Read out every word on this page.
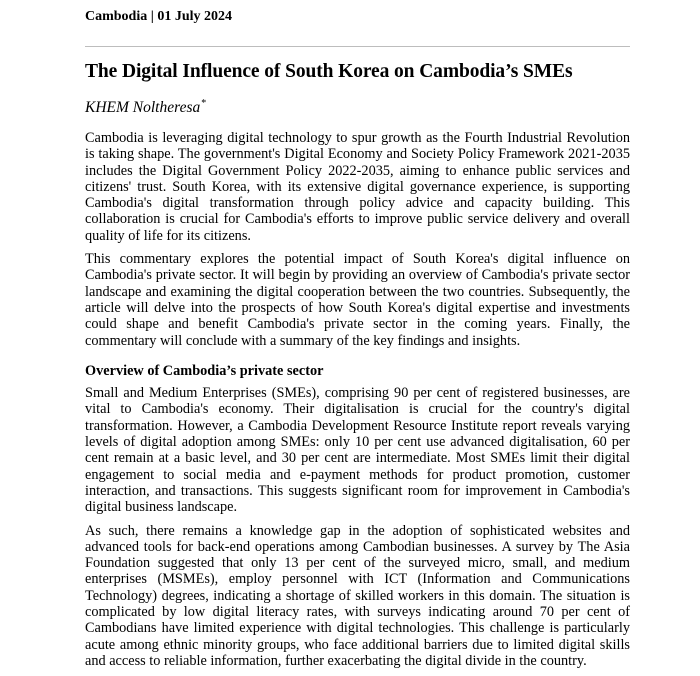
Cambodia | 01 July 2024
The Digital Influence of South Korea on Cambodia’s SMEs
KHEM Noltheresa*

Cambodia is leveraging digital technology to spur growth as the Fourth Industrial Revolution is taking shape. The government's Digital Economy and Society Policy Framework 2021-2035 includes the Digital Government Policy 2022-2035, aiming to enhance public services and citizens' trust. South Korea, with its extensive digital governance experience, is supporting Cambodia's digital transformation through policy advice and capacity building. This collaboration is crucial for Cambodia's efforts to improve public service delivery and overall quality of life for its citizens.

This commentary explores the potential impact of South Korea's digital influence on Cambodia's private sector. It will begin by providing an overview of Cambodia's private sector landscape and examining the digital cooperation between the two countries. Subsequently, the article will delve into the prospects of how South Korea's digital expertise and investments could shape and benefit Cambodia's private sector in the coming years. Finally, the commentary will conclude with a summary of the key findings and insights.

Overview of Cambodia’s private sector

Small and Medium Enterprises (SMEs), comprising 90 per cent of registered businesses, are vital to Cambodia's economy. Their digitalisation is crucial for the country's digital transformation. However, a Cambodia Development Resource Institute report reveals varying levels of digital adoption among SMEs: only 10 per cent use advanced digitalisation, 60 per cent remain at a basic level, and 30 per cent are intermediate. Most SMEs limit their digital engagement to social media and e-payment methods for product promotion, customer interaction, and transactions. This suggests significant room for improvement in Cambodia's digital business landscape.

As such, there remains a knowledge gap in the adoption of sophisticated websites and advanced tools for back-end operations among Cambodian businesses. A survey by The Asia Foundation suggested that only 13 per cent of the surveyed micro, small, and medium enterprises (MSMEs), employ personnel with ICT (Information and Communications Technology) degrees, indicating a shortage of skilled workers in this domain. The situation is complicated by low digital literacy rates, with surveys indicating around 70 per cent of Cambodians have limited experience with digital technologies. This challenge is particularly acute among ethnic minority groups, who face additional barriers due to limited digital skills and access to reliable information, further exacerbating the digital divide in the country.
